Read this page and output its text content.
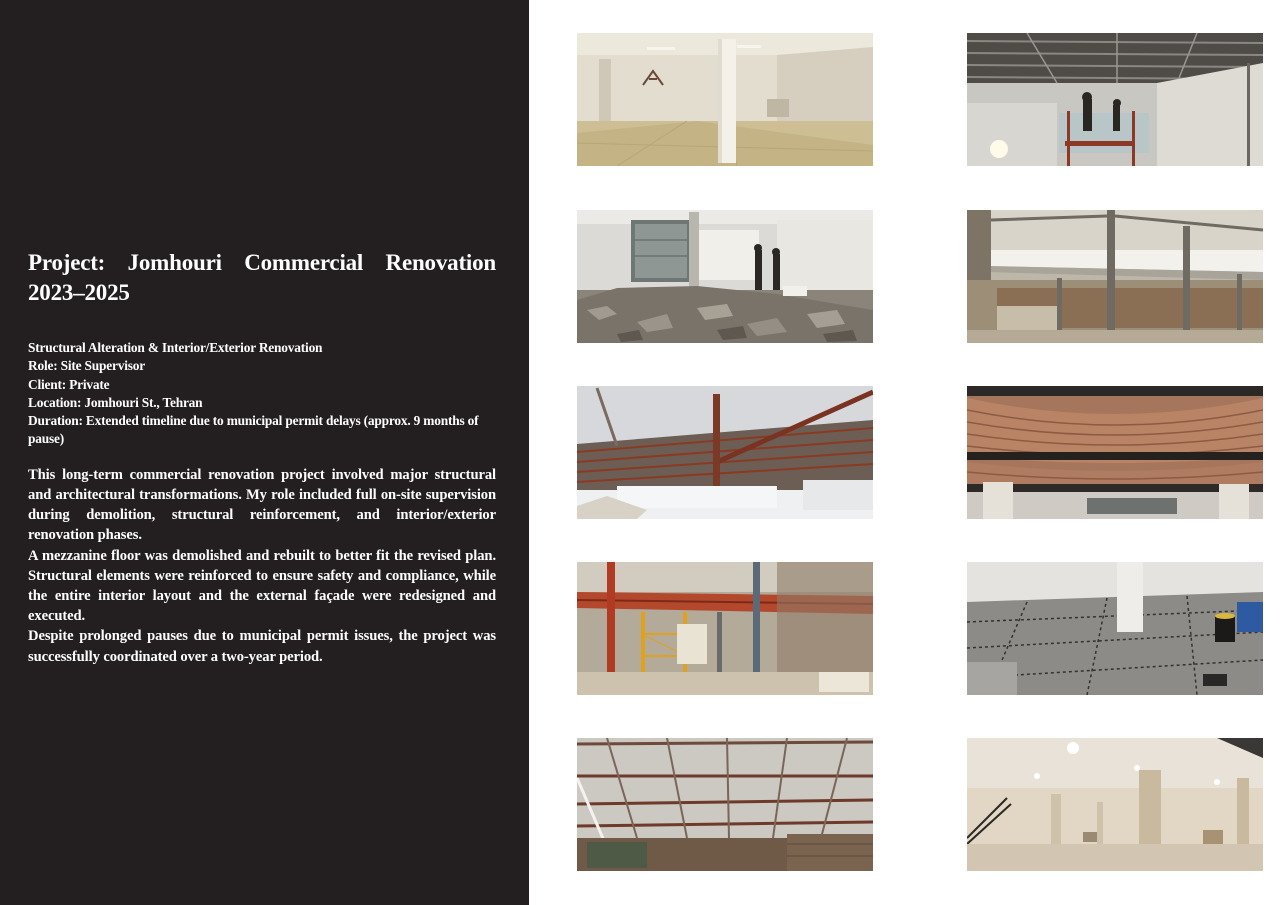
Project: Jomhouri Commercial Renovation
2023–2025
Structural Alteration & Interior/Exterior Renovation
Role: Site Supervisor
Client: Private
Location: Jomhouri St., Tehran
Duration: Extended timeline due to municipal permit delays (approx. 9 months of pause)

This long-term commercial renovation project involved major structural and architectural transformations. My role included full on-site supervision during demolition, structural reinforcement, and interior/exterior renovation phases.

A mezzanine floor was demolished and rebuilt to better fit the revised plan. Structural elements were reinforced to ensure safety and compliance, while the entire interior layout and the external façade were redesigned and executed.

Despite prolonged pauses due to municipal permit issues, the project was successfully coordinated over a two-year period.
